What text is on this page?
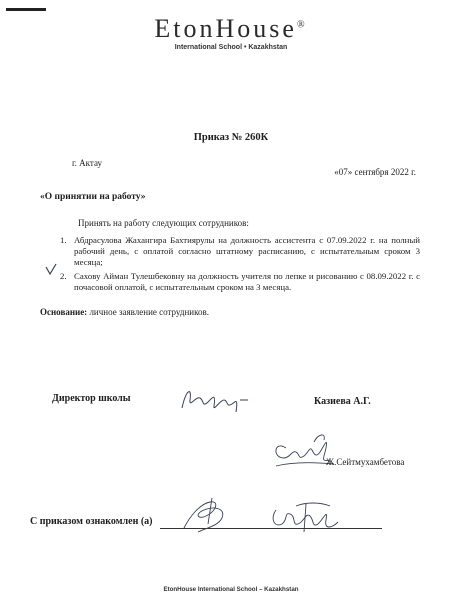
EtonHouse®
International School • Kazakhstan
Приказ № 260К
г. Актау
«07» сентября 2022 г.
«О принятии на работу»
Принять на работу следующих сотрудников:
1. Абдрасулова Жахангира Бахтиярулы на должность ассистента с 07.09.2022 г. на полный рабочий день, с оплатой согласно штатному расписанию, с испытательным сроком 3 месяца;
2. Сахову Айман Тулешбековну на должность учителя по лепке и рисованию с 08.09.2022 г. с почасовой оплатой, с испытательным сроком на 3 месяца.
Основание: личное заявление сотрудников.
Директор школы	Казиева А.Г.
Ж.Сейтмухамбетова
С приказом ознакомлен (а)
EtonHouse International School – Kazakhstan
